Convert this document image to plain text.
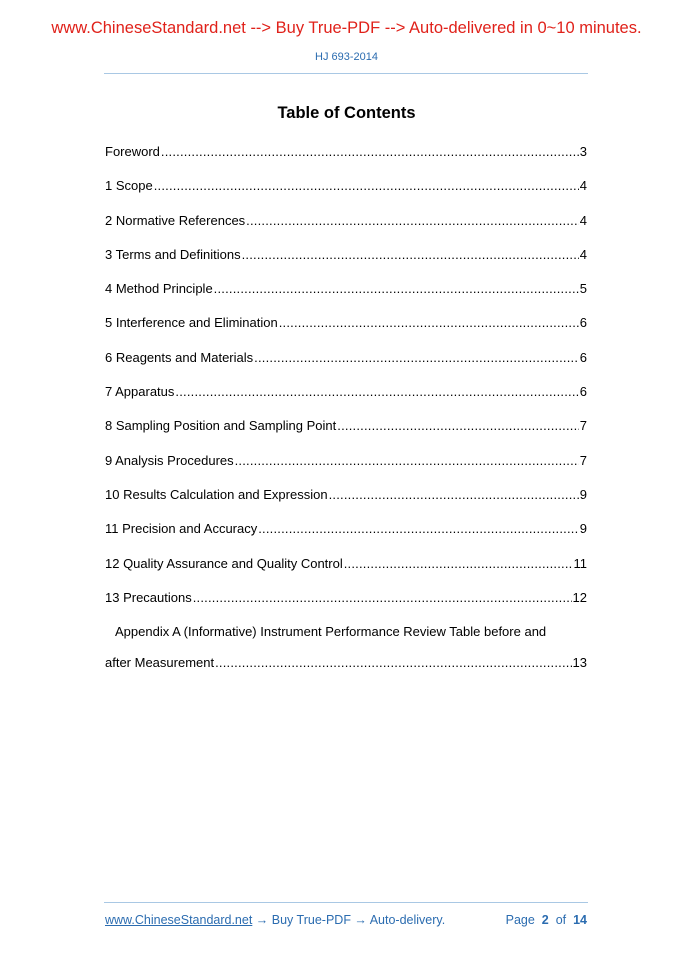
www.ChineseStandard.net --> Buy True-PDF --> Auto-delivered in 0~10 minutes.
HJ 693-2014
Table of Contents
Foreword .....	3
1 Scope .....	4
2 Normative References .....	4
3 Terms and Definitions .....	4
4 Method Principle .....	5
5 Interference and Elimination .....	6
6 Reagents and Materials .....	6
7 Apparatus .....	6
8 Sampling Position and Sampling Point .....	7
9 Analysis Procedures .....	7
10 Results Calculation and Expression .....	9
11 Precision and Accuracy .....	9
12 Quality Assurance and Quality Control .....	11
13 Precautions .....	12
Appendix A (Informative) Instrument Performance Review Table before and
after Measurement .....	13
www.ChineseStandard.net → Buy True-PDF → Auto-delivery.	Page 2 of 14
